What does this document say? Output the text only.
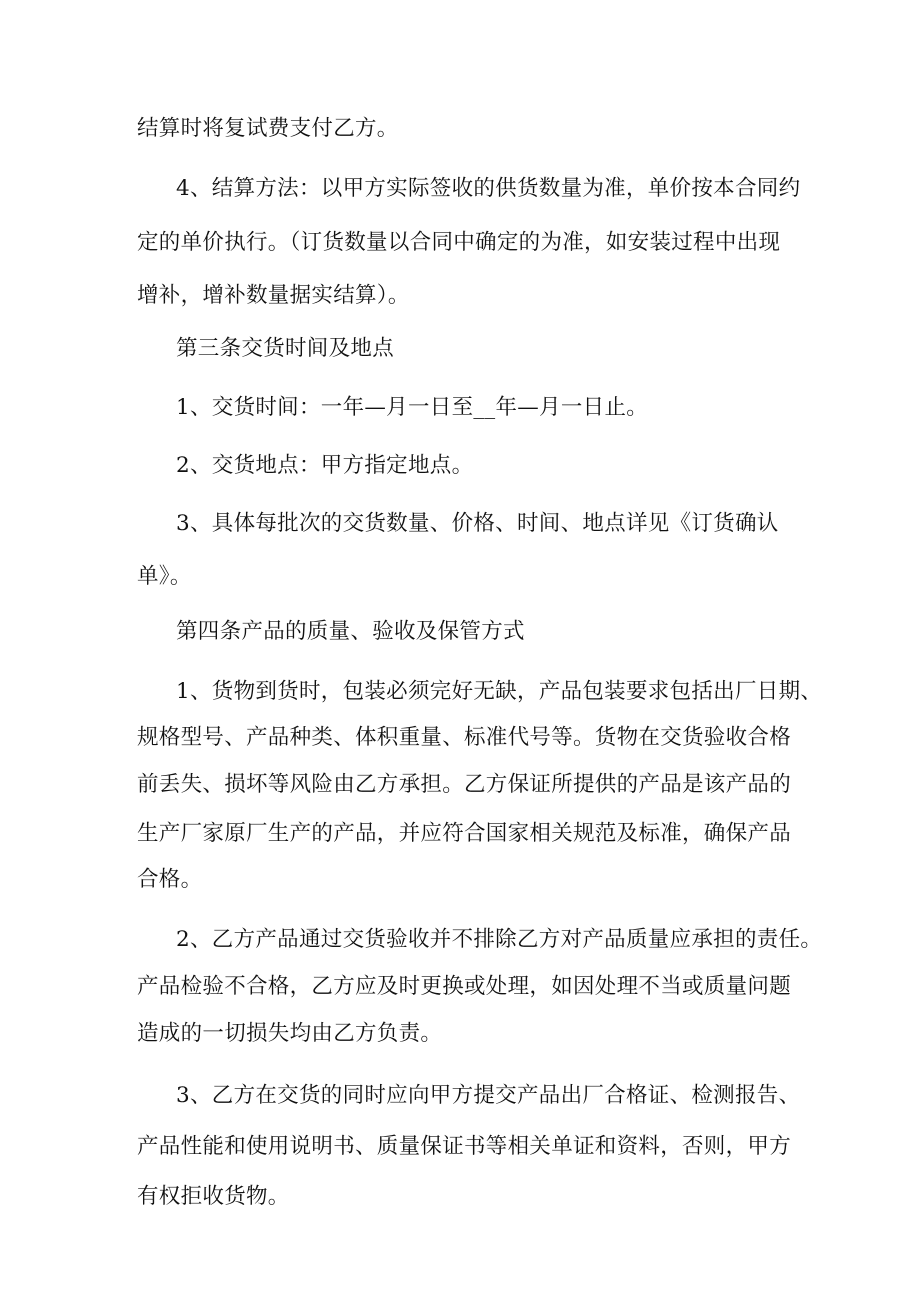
结算时将复试费支付乙方。
4、结算方法：以甲方实际签收的供货数量为准，单价按本合同约
定的单价执行。（订货数量以合同中确定的为准，如安装过程中出现
增补，增补数量据实结算）。
第三条交货时间及地点
1、交货时间：一年—月一日至__年—月一日止。
2、交货地点：甲方指定地点。
3、具体每批次的交货数量、价格、时间、地点详见《订货确认
单》。
第四条产品的质量、验收及保管方式
1、货物到货时，包装必须完好无缺，产品包装要求包括出厂日期、
规格型号、产品种类、体积重量、标准代号等。货物在交货验收合格
前丢失、损坏等风险由乙方承担。乙方保证所提供的产品是该产品的
生产厂家原厂生产的产品，并应符合国家相关规范及标准，确保产品
合格。
2、乙方产品通过交货验收并不排除乙方对产品质量应承担的责任。
产品检验不合格，乙方应及时更换或处理，如因处理不当或质量问题
造成的一切损失均由乙方负责。
3、乙方在交货的同时应向甲方提交产品出厂合格证、检测报告、
产品性能和使用说明书、质量保证书等相关单证和资料，否则，甲方
有权拒收货物。
